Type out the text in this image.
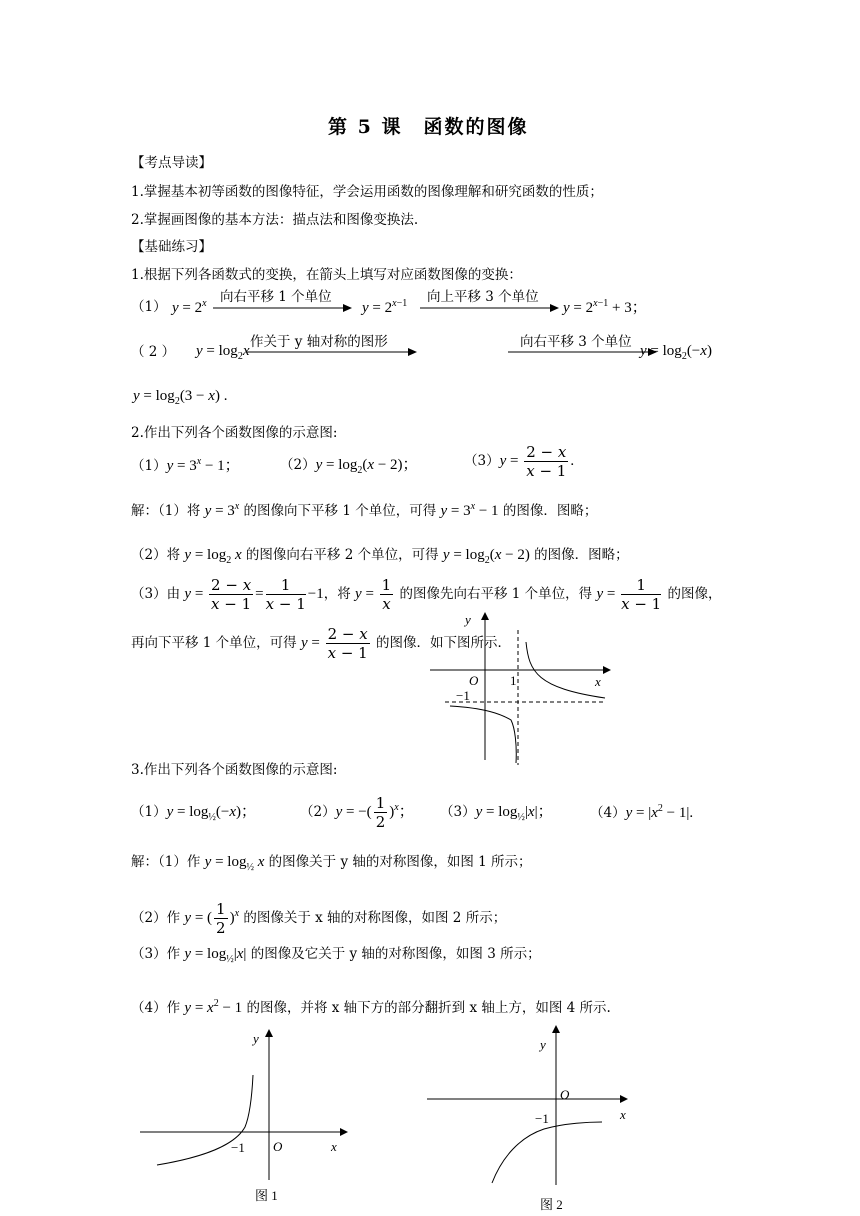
第 5 课　函数的图像
【考点导读】
1.掌握基本初等函数的图像特征，学会运用函数的图像理解和研究函数的性质；
2.掌握画图像的基本方法：描点法和图像变换法.
【基础练习】
1.根据下列各函数式的变换，在箭头上填写对应函数图像的变换：
（1） $y = 2^x$ 向右平移 1 个单位
$y = 2^{x-1}$ 向上平移 3 个单位
$y = 2^{x-1} + 3$；
（ 2 ） $y = \log_2x$
作关于 y 轴对称的图形	向右平移 3 个单位
$y = \log_2(-x)$
$y = \log_2(3 - x)$ .
2.作出下列各个函数图像的示意图:
$(1)y = 3^x - 1$；	$(2)y = \log_2(x - 2)$；	$(3)y = \frac{2 - x}{x - 1}$ .
解：（1）将 $y = 3^x$ 的图像向下平移 1 个单位，可得 $y = 3^x - 1$ 的图像．图略；
（2）将 $y = \log_2 x$ 的图像向右平移 2 个单位，可得 $y = \log_2(x - 2)$ 的图像．图略；
（3）由 $y = \frac{2 - x}{x - 1} = \frac{1}{x - 1} -1$，将 $y = \frac{1}{x}$ 的图像先向右平移 1 个单位，得 $y = \frac{1}{x - 1}$ 的图像，
再向下平移 1 个单位，可得 $y = \frac{2 - x}{x - 1}$ 的图像．如下图所示．
y
x
O 1
−1
3.作出下列各个函数图像的示意图:
$(1)y = \log_{\frac{1}{2}}(-x)$；	（2）y = −( $\frac{1}{2} )^x$； $(3)y = \log_{\frac{1}{2}}|x|$；	$(4)y = |x^2 - 1|$.
解：（1）作 $y = \log_{\frac{1}{2}} x$ 的图像关于 y 轴的对称图像，如图 1 所示；
（2）作 y = ( $\frac{1}{2} )^x$ 的图像关于 x 轴的对称图像，如图 2 所示；
（3）作 $y = \log_{\frac{1}{2}}|x|$ 的图像及它关于 y 轴的对称图像，如图 3 所示；
（4）作 $y = x^2 - 1$ 的图像，并将 x 轴下方的部分翻折到 x 轴上方，如图 4 所示.
y
x
O
−1
图 1
y
x
O
−1
图 2
